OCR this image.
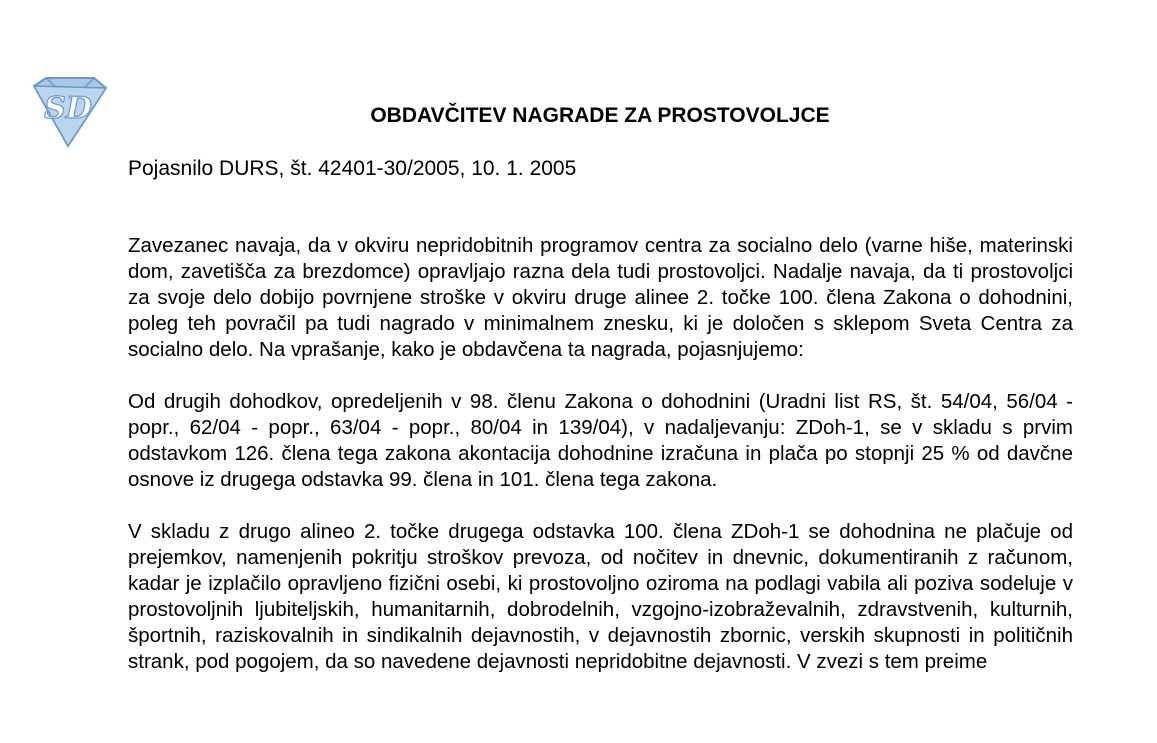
SD	OBDAVČITEV NAGRADE ZA PROSTOVOLJCE

Pojasnilo DURS, št. 42401-30/2005, 10. 1. 2005

Zavezanec navaja, da v okviru nepridobitnih programov centra za socialno delo (varne hiše, materinski dom, zavetišča za brezdomce) opravljajo razna dela tudi prostovoljci. Nadalje navaja, da ti prostovoljci za svoje delo dobijo povrnjene stroške v okviru druge alinee 2. točke 100. člena Zakona o dohodnini, poleg teh povračil pa tudi nagrado v minimalnem znesku, ki je določen s sklepom Sveta Centra za socialno delo. Na vprašanje, kako je obdavčena ta nagrada, pojasnjujemo:

Od drugih dohodkov, opredeljenih v 98. členu Zakona o dohodnini (Uradni list RS, št. 54/04, 56/04 - popr., 62/04 - popr., 63/04 - popr., 80/04 in 139/04), v nadaljevanju: ZDoh-1, se v skladu s prvim odstavkom 126. člena tega zakona akontacija dohodnine izračuna in plača po stopnji 25 % od davčne osnove iz drugega odstavka 99. člena in 101. člena tega zakona.

V skladu z drugo alineo 2. točke drugega odstavka 100. člena ZDoh-1 se dohodnina ne plačuje od prejemkov, namenjenih pokritju stroškov prevoza, od nočitev in dnevnic, dokumentiranih z računom, kadar je izplačilo opravljeno fizični osebi, ki prostovoljno oziroma na podlagi vabila ali poziva sodeluje v prostovoljnih ljubiteljskih, humanitarnih, dobrodelnih, vzgojno-izobraževalnih, zdravstvenih, kulturnih, športnih, raziskovalnih in sindikalnih dejavnostih, v dejavnostih zbornic, verskih skupnosti in političnih strank, pod pogojem, da so navedene dejavnosti nepridobitne dejavnosti. V zvezi s tem preime
